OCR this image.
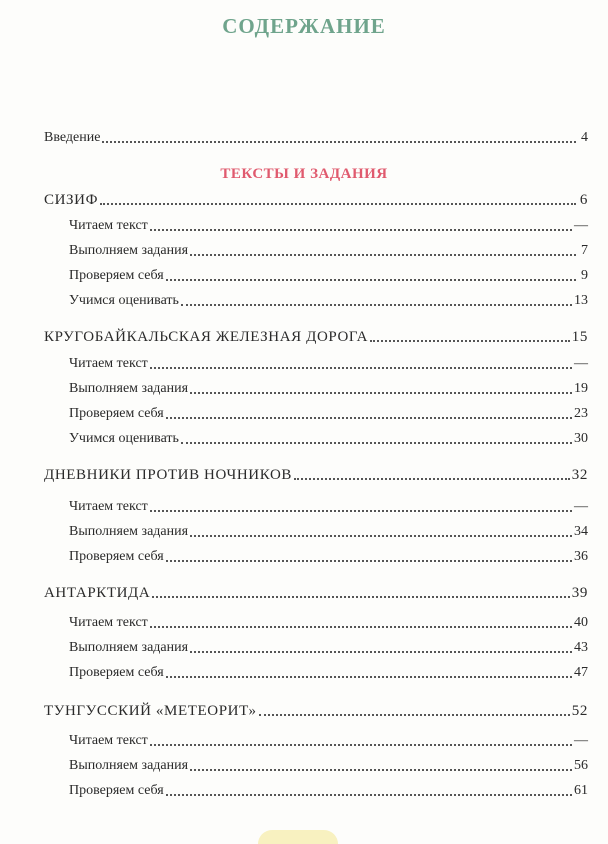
СОДЕРЖАНИЕ
Введение	4
ТЕКСТЫ И ЗАДАНИЯ
СИЗИФ	6
Читаем текст	—
Выполняем задания	7
Проверяем себя	9
Учимся оценивать	13
КРУГОБАЙКАЛЬСКАЯ ЖЕЛЕЗНАЯ ДОРОГА	15
Читаем текст	—
Выполняем задания	19
Проверяем себя	23
Учимся оценивать	30
ДНЕВНИКИ ПРОТИВ НОЧНИКОВ	32
Читаем текст	—
Выполняем задания	34
Проверяем себя	36
АНТАРКТИДА	39
Читаем текст	40
Выполняем задания	43
Проверяем себя	47
ТУНГУССКИЙ «МЕТЕОРИТ»	52
Читаем текст	—
Выполняем задания	56
Проверяем себя	61
